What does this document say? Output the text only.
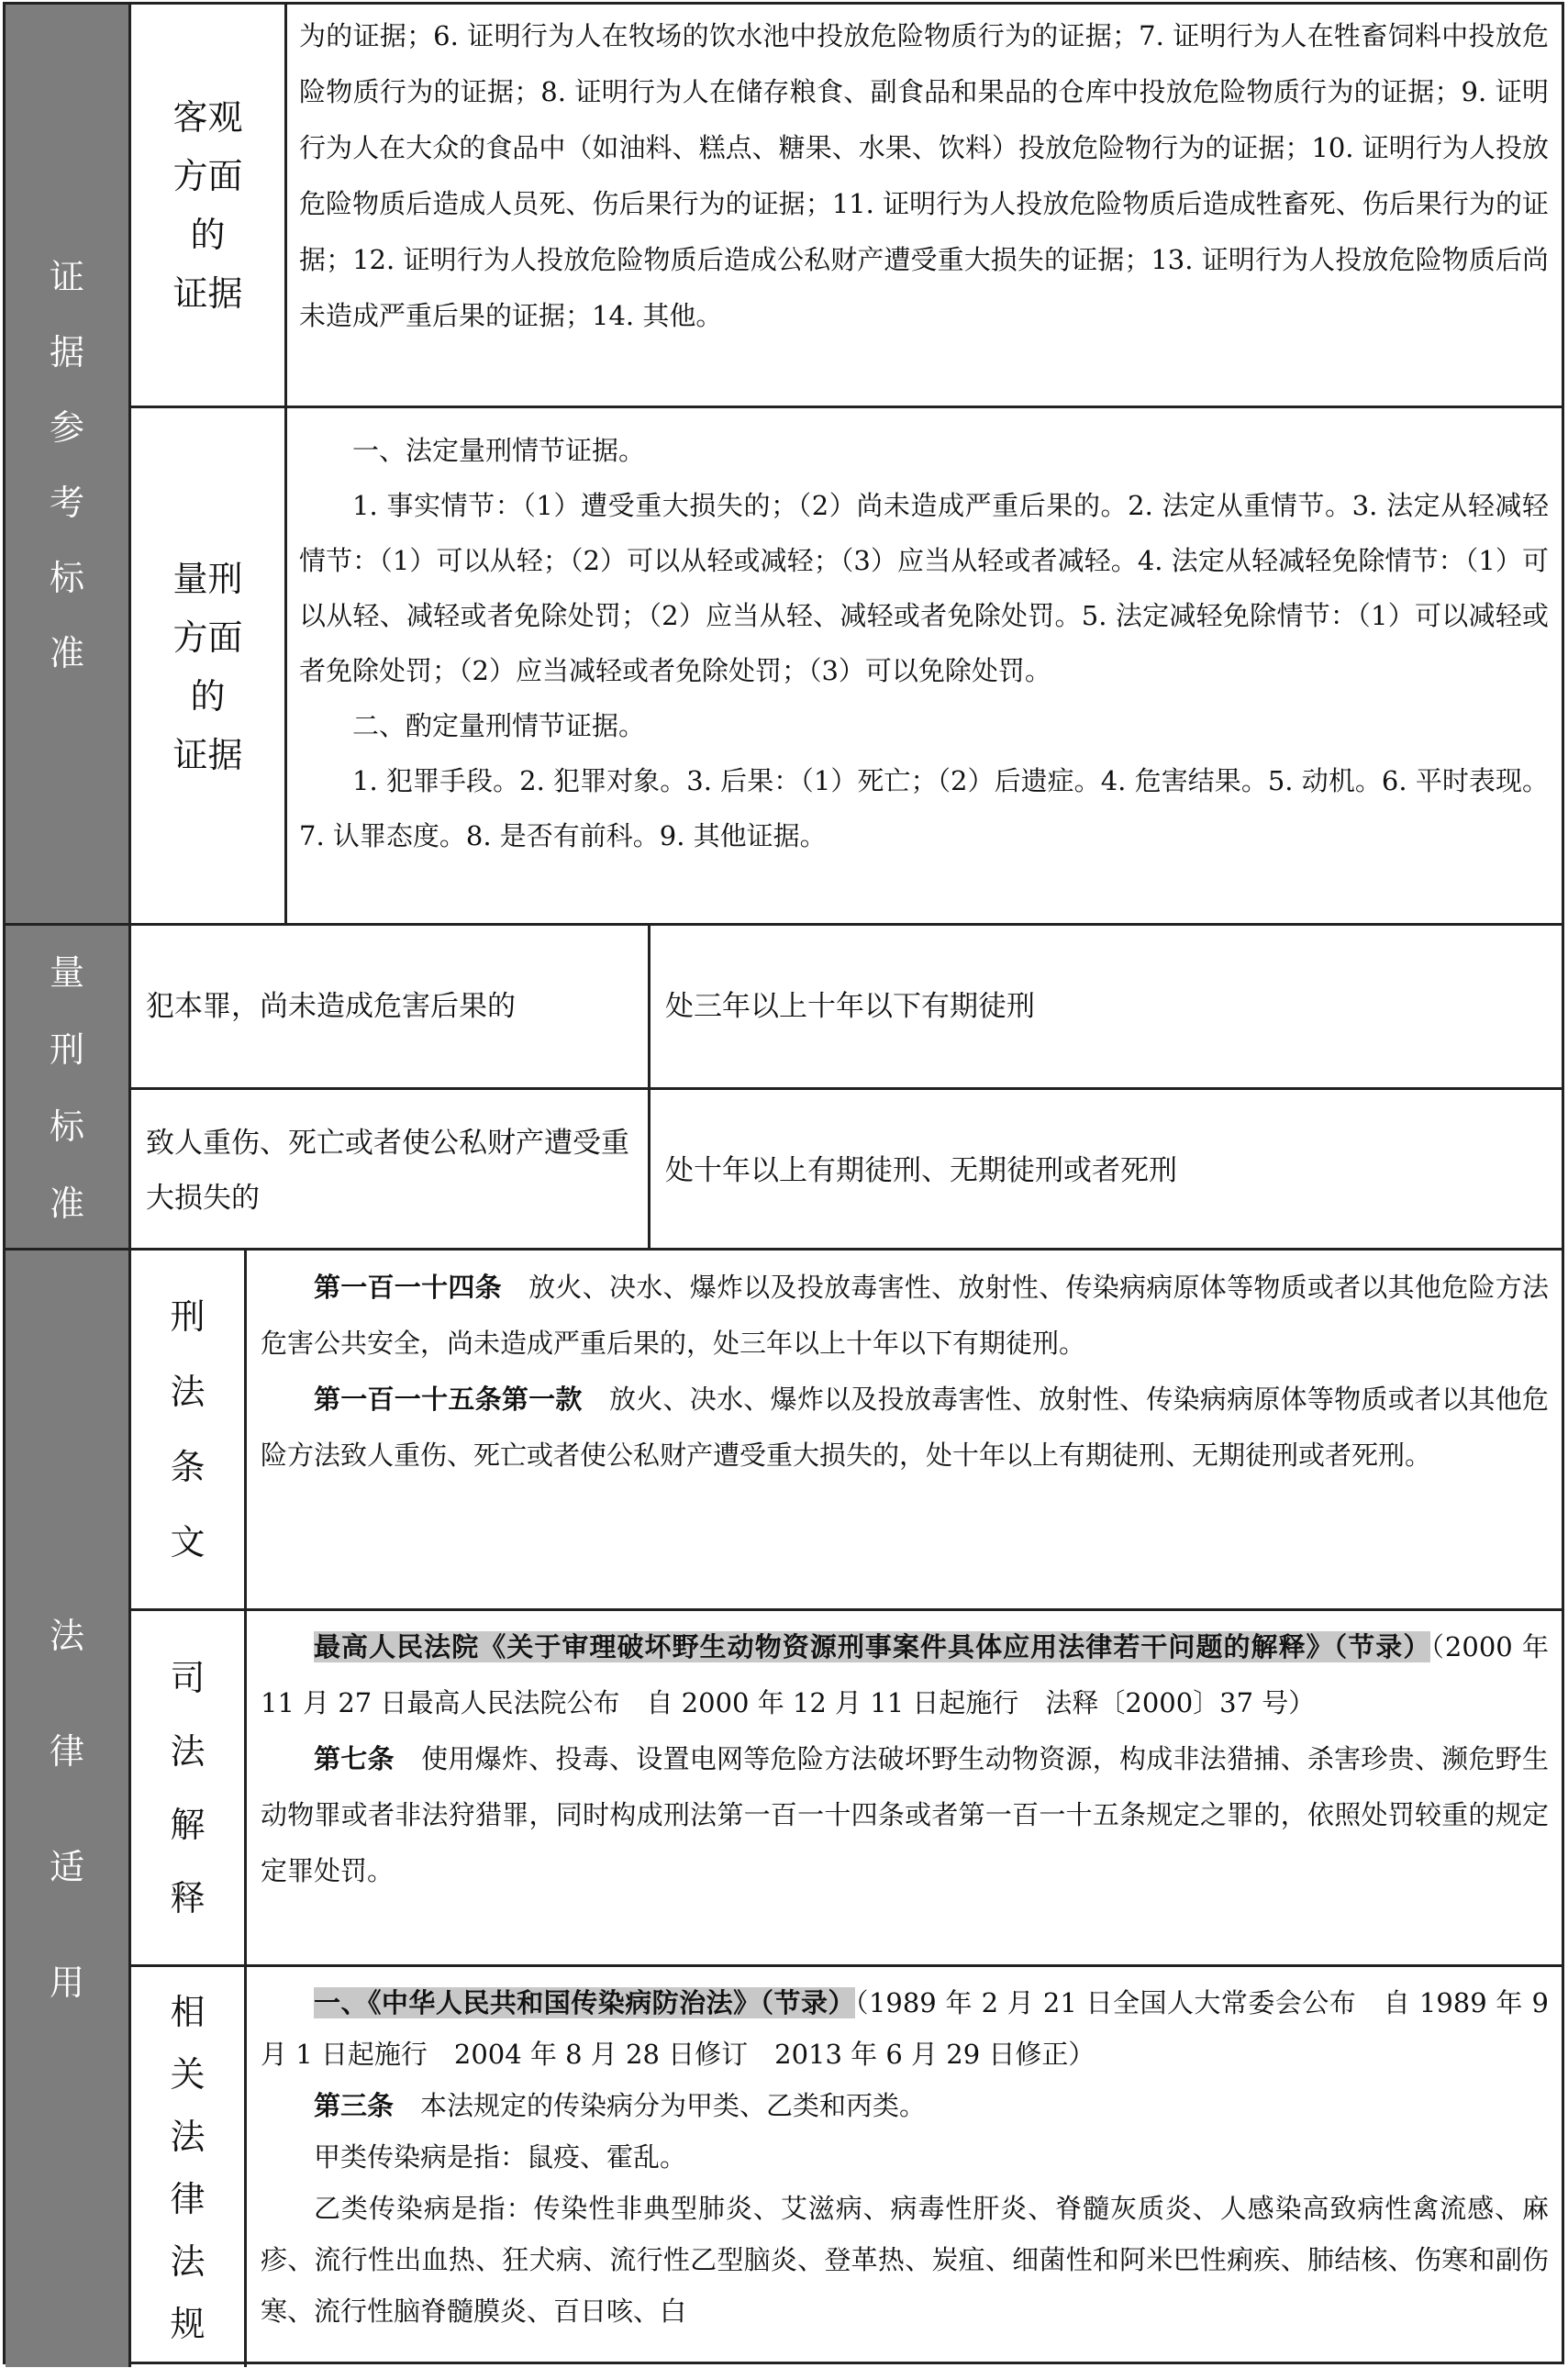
证
据
参
考
标
准
客观
方面
的
证据

为的证据；6. 证明行为人在牧场的饮水池中投放危险物质行为的证据；7. 证明行为人在牲畜饲料中投放危险物质行为的证据；8. 证明行为人在储存粮食、副食品和果品的仓库中投放危险物质行为的证据；9. 证明行为人在大众的食品中（如油料、糕点、糖果、水果、饮料）投放危险物行为的证据；10. 证明行为人投放危险物质后造成人员死、伤后果行为的证据；11. 证明行为人投放危险物质后造成牲畜死、伤后果行为的证据；12. 证明行为人投放危险物质后造成公私财产遭受重大损失的证据；13. 证明行为人投放危险物质后尚未造成严重后果的证据；14. 其他。

量刑
方面
的
证据

一、法定量刑情节证据。

1. 事实情节：（1）遭受重大损失的；（2）尚未造成严重后果的。2. 法定从重情节。3. 法定从轻减轻情节：（1）可以从轻；（2）可以从轻或减轻；（3）应当从轻或者减轻。4. 法定从轻减轻免除情节：（1）可以从轻、减轻或者免除处罚；（2）应当从轻、减轻或者免除处罚。5. 法定减轻免除情节：（1）可以减轻或者免除处罚；（2）应当减轻或者免除处罚；（3）可以免除处罚。

二、酌定量刑情节证据。

1. 犯罪手段。2. 犯罪对象。3. 后果：（1）死亡；（2）后遗症。4. 危害结果。5. 动机。6. 平时表现。7. 认罪态度。8. 是否有前科。9. 其他证据。

量
刑
标
准
犯本罪，尚未造成危害后果的	处三年以上十年以下有期徒刑
致人重伤、死亡或者使公私财产遭受重大损失的
处十年以上有期徒刑、无期徒刑或者死刑
法
律
适
用
刑
法
条
文

第一百一十四条　 放火、决水、爆炸以及投放毒害性、放射性、传染病病原体等物质或者以其他危险方法危害公共安全，尚未造成严重后果的，处三年以上十年以下有期徒刑。

第一百一十五条第一款　 放火、决水、爆炸以及投放毒害性、放射性、传染病病原体等物质或者以其他危险方法致人重伤、死亡或者使公私财产遭受重大损失的，处十年以上有期徒刑、无期徒刑或者死刑。

司
法
解
释

最高人民法院《关于审理破坏野生动物资源刑事案件具体应用法律若干问题的解释》（节录）（2000 年 11 月 27 日最高人民法院公布　自 2000 年 12 月 11 日起施行　法释〔2000〕37 号）

第七条　 使用爆炸、投毒、设置电网等危险方法破坏野生动物资源，构成非法猎捕、杀害珍贵、濒危野生动物罪或者非法狩猎罪，同时构成刑法第一百一十四条或者第一百一十五条规定之罪的，依照处罚较重的规定定罪处罚。

相
关
法
律
法
规

一、《中华人民共和国传染病防治法》（节录）（1989 年 2 月 21 日全国人大常委会公布　自 1989 年 9 月 1 日起施行　2004 年 8 月 28 日修订　2013 年 6 月 29 日修正）

第三条　 本法规定的传染病分为甲类、乙类和丙类。

甲类传染病是指：鼠疫、霍乱。

乙类传染病是指：传染性非典型肺炎、艾滋病、病毒性肝炎、脊髓灰质炎、人感染高致病性禽流感、麻疹、流行性出血热、狂犬病、流行性乙型脑炎、登革热、炭疽、细菌性和阿米巴性痢疾、肺结核、伤寒和副伤寒、流行性脑脊髓膜炎、百日咳、白
